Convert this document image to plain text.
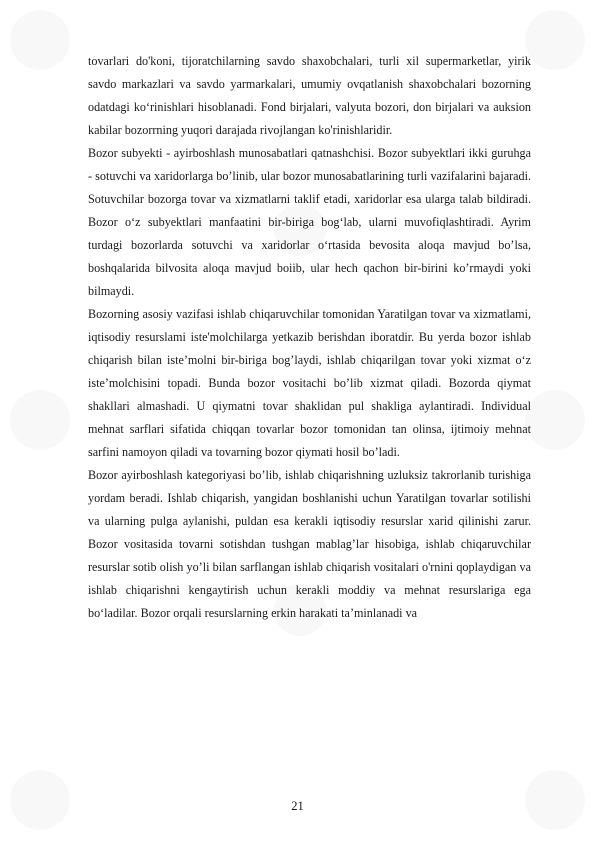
tovarlari do'koni, tijoratchilarning savdo shaxobchalari, turli xil supermarketlar, yirik savdo markazlari va savdo yarmarkalari, umumiy ovqatlanish shaxobchalari bozorning odatdagi ko‘rinishlari hisoblanadi. Fond birjalari, valyuta bozori, don birjalari va auksion kabilar bozorrning yuqori darajada rivojlangan ko'rinishlaridir.

Bozor subyekti - ayirboshlash munosabatlari qatnashchisi. Bozor subyektlari ikki guruhga - sotuvchi va xaridorlarga bo’linib, ular bozor munosabatlarining turli vazifalarini bajaradi. Sotuvchilar bozorga tovar va xizmatlarni taklif etadi, xaridorlar esa ularga talab bildiradi. Bozor o‘z subyektlari manfaatini bir-biriga bog‘lab, ularni muvofiqlashtiradi. Ayrim turdagi bozorlarda sotuvchi va xaridorlar o‘rtasida bevosita aloqa mavjud bo’lsa, boshqalarida bilvosita aloqa mavjud boiib, ular hech qachon bir-birini ko’rmaydi yoki bilmaydi.

Bozorning asosiy vazifasi ishlab chiqaruvchilar tomonidan Yaratilgan tovar va xizmatlami, iqtisodiy resurslami iste'molchilarga yetkazib berishdan iboratdir. Bu yerda bozor ishlab chiqarish bilan iste’molni bir-biriga bog’laydi, ishlab chiqarilgan tovar yoki xizmat o‘z iste’molchisini topadi. Bunda bozor vositachi bo’lib xizmat qiladi. Bozorda qiymat shakllari almashadi. U qiymatni tovar shaklidan pul shakliga aylantiradi. Individual mehnat sarflari sifatida chiqqan tovarlar bozor tomonidan tan olinsa, ijtimoiy mehnat sarfini namoyon qiladi va tovarning bozor qiymati hosil bo’ladi.

Bozor ayirboshlash kategoriyasi bo’lib, ishlab chiqarishning uzluksiz takrorlanib turishiga yordam beradi. Ishlab chiqarish, yangidan boshlanishi uchun Yaratilgan tovarlar sotilishi va ularning pulga aylanishi, puldan esa kerakli iqtisodiy resurslar xarid qilinishi zarur. Bozor vositasida tovarni sotishdan tushgan mablag’lar hisobiga, ishlab chiqaruvchilar resurslar sotib olish yo’li bilan sarflangan ishlab chiqarish vositalari o'rnini qoplaydigan va ishlab chiqarishni kengaytirish uchun kerakli moddiy va mehnat resurslariga ega bo‘ladilar. Bozor orqali resurslarning erkin harakati ta’minlanadi va

21
